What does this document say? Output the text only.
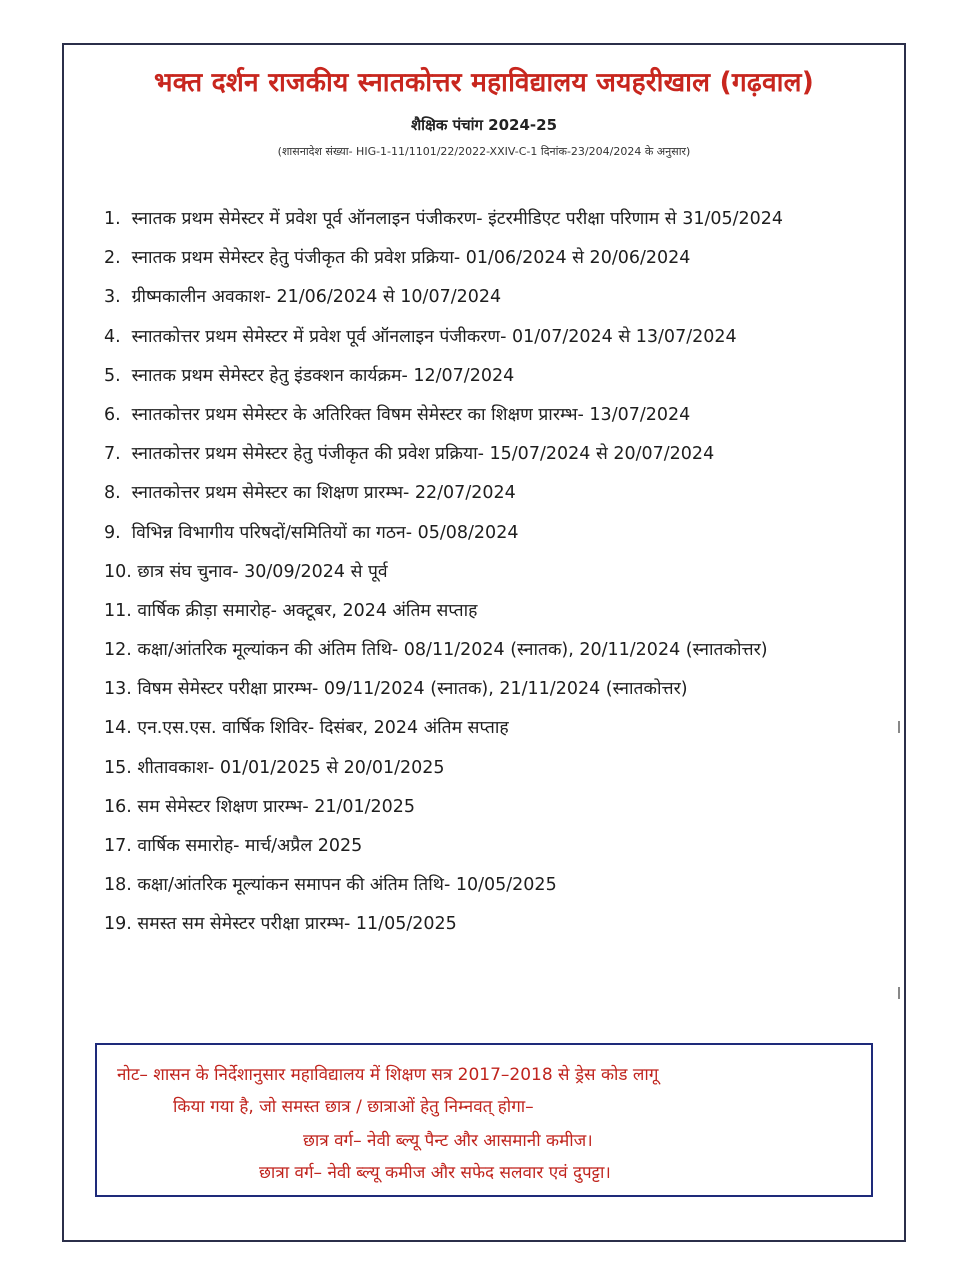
भक्त दर्शन राजकीय स्नातकोत्तर महाविद्यालय जयहरीखाल (गढ़वाल)
शैक्षिक पंचांग 2024-25
(शासनादेश संख्या- HIG-1-11/1101/22/2022-XXIV-C-1 दिनांक-23/204/2024 के अनुसार)
1. स्नातक प्रथम सेमेस्टर में प्रवेश पूर्व ऑनलाइन पंजीकरण- इंटरमीडिएट परीक्षा परिणाम से 31/05/2024
2. स्नातक प्रथम सेमेस्टर हेतु पंजीकृत की प्रवेश प्रक्रिया- 01/06/2024 से 20/06/2024
3. ग्रीष्मकालीन अवकाश- 21/06/2024 से 10/07/2024
4. स्नातकोत्तर प्रथम सेमेस्टर में प्रवेश पूर्व ऑनलाइन पंजीकरण- 01/07/2024 से 13/07/2024
5. स्नातक प्रथम सेमेस्टर हेतु इंडक्शन कार्यक्रम- 12/07/2024
6. स्नातकोत्तर प्रथम सेमेस्टर के अतिरिक्त विषम सेमेस्टर का शिक्षण प्रारम्भ- 13/07/2024
7. स्नातकोत्तर प्रथम सेमेस्टर हेतु पंजीकृत की प्रवेश प्रक्रिया- 15/07/2024 से 20/07/2024
8. स्नातकोत्तर प्रथम सेमेस्टर का शिक्षण प्रारम्भ- 22/07/2024
9. विभिन्न विभागीय परिषदों/समितियों का गठन- 05/08/2024
10. छात्र संघ चुनाव- 30/09/2024 से पूर्व
11. वार्षिक क्रीड़ा समारोह- अक्टूबर, 2024 अंतिम सप्ताह
12. कक्षा/आंतरिक मूल्यांकन की अंतिम तिथि- 08/11/2024 (स्नातक), 20/11/2024 (स्नातकोत्तर)
13. विषम सेमेस्टर परीक्षा प्रारम्भ- 09/11/2024 (स्नातक), 21/11/2024 (स्नातकोत्तर)
14. एन.एस.एस. वार्षिक शिविर- दिसंबर, 2024 अंतिम सप्ताह
15. शीतावकाश- 01/01/2025 से 20/01/2025
16. सम सेमेस्टर शिक्षण प्रारम्भ- 21/01/2025
17. वार्षिक समारोह- मार्च/अप्रैल 2025
18. कक्षा/आंतरिक मूल्यांकन समापन की अंतिम तिथि- 10/05/2025
19. समस्त सम सेमेस्टर परीक्षा प्रारम्भ- 11/05/2025
नोट– शासन के निर्देशानुसार महाविद्यालय में शिक्षण सत्र 2017–2018 से ड्रेस कोड लागू
किया गया है, जो समस्त छात्र / छात्राओं हेतु निम्नवत् होगा–
छात्र वर्ग– नेवी ब्ल्यू पैन्ट और आसमानी कमीज।
छात्रा वर्ग– नेवी ब्ल्यू कमीज और सफेद सलवार एवं दुपट्टा।
